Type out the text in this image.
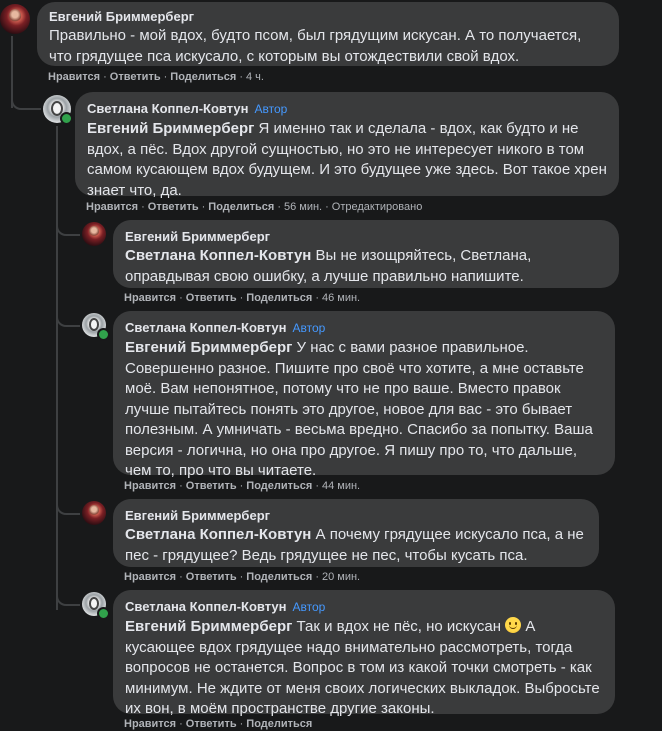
Евгений Бриммерберг
Правильно - мой вдох, будто псом, был грядущим искусан. А то получается, что грядущее пса искусало, с которым вы отождествили свой вдох.
Нравится · Ответить · Поделиться · 4 ч.
Светлана Коппел-Ковтун Автор
Евгений Бриммерберг Я именно так и сделала - вдох, как будто и не вдох, а пёс. Вдох другой сущностью, но это не интересует никого в том самом кусающем вдох будущем. И это будущее уже здесь. Вот такое хрен знает что, да.
Нравится · Ответить · Поделиться · 56 мин. · Отредактировано
Евгений Бриммерберг
Светлана Коппел-Ковтун Вы не изощряйтесь, Светлана, оправдывая свою ошибку, а лучше правильно напишите.
Нравится · Ответить · Поделиться · 46 мин.
Светлана Коппел-Ковтун Автор
Евгений Бриммерберг У нас с вами разное правильное. Совершенно разное. Пишите про своё что хотите, а мне оставьте моё. Вам непонятное, потому что не про ваше. Вместо правок лучше пытайтесь понять это другое, новое для вас - это бывает полезным. А умничать - весьма вредно. Спасибо за попытку. Ваша версия - логична, но она про другое. Я пишу про то, что дальше, чем то, про что вы читаете.
Нравится · Ответить · Поделиться · 44 мин.
Евгений Бриммерберг
Светлана Коппел-Ковтун А почему грядущее искусало пса, а не пес - грядущее? Ведь грядущее не пес, чтобы кусать пса.
Нравится · Ответить · Поделиться · 20 мин.
Светлана Коппел-Ковтун Автор
Евгений Бриммерберг Так и вдох не пёс, но искусан  А кусающее вдох грядущее надо внимательно рассмотреть, тогда вопросов не останется. Вопрос в том из какой точки смотреть - как минимум. Не ждите от меня своих логических выкладок. Выбросьте их вон, в моём пространстве другие законы.
Нравится · Ответить · Поделиться
